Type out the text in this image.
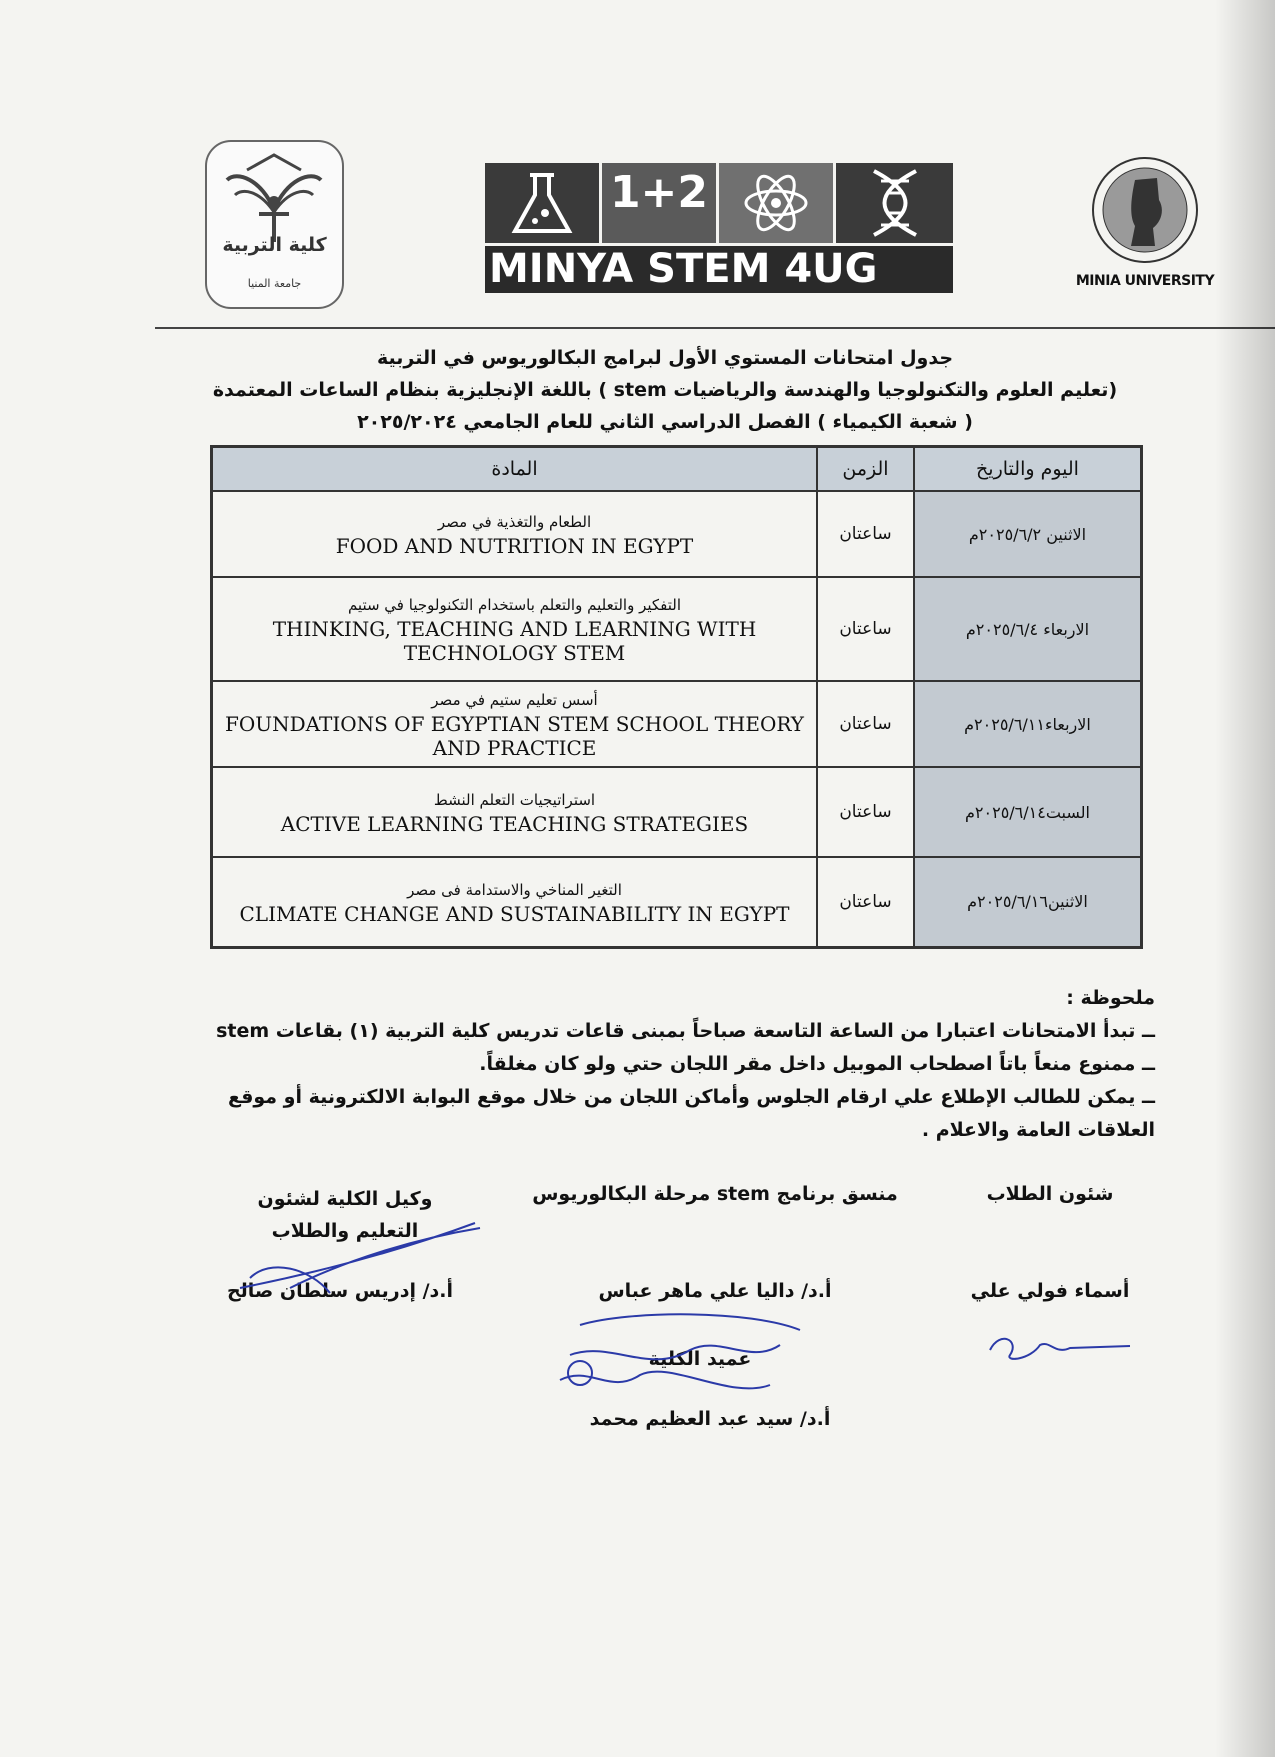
كلية التربية
جامعة المنيا
1+2
MINYA STEM 4UG	MINIA UNIVERSITY
جدول امتحانات المستوي الأول لبرامج البكالوريوس في التربية
(تعليم العلوم والتكنولوجيا والهندسة والرياضيات stem ) باللغة الإنجليزية بنظام الساعات المعتمدة
( شعبة الكيمياء ) الفصل الدراسي الثاني للعام الجامعي ٢٠٢٥/٢٠٢٤
المادة	الزمن	اليوم والتاريخ

الطعام والتغذية في مصر
FOOD AND NUTRITION IN EGYPT	ساعتان	الاثنين ٢٠٢٥/٦/٢م

التفكير والتعليم والتعلم باستخدام التكنولوجيا في ستيم
THINKING, TEACHING AND LEARNING WITH TECHNOLOGY STEM	ساعتان	الاربعاء ٢٠٢٥/٦/٤م

أسس تعليم ستيم في مصر
FOUNDATIONS OF EGYPTIAN STEM SCHOOL THEORY AND PRACTICE	ساعتان	الاربعاء٢٠٢٥/٦/١١م

استراتيجيات التعلم النشط
ACTIVE LEARNING TEACHING STRATEGIES	ساعتان	السبت٢٠٢٥/٦/١٤م

التغير المناخي والاستدامة فى مصر
CLIMATE CHANGE AND SUSTAINABILITY IN EGYPT	ساعتان	الاثنين٢٠٢٥/٦/١٦م

ملحوظة :

ــ تبدأ الامتحانات اعتبارا من الساعة التاسعة صباحاً بمبنى قاعات تدريس كلية التربية (١) بقاعات stem

ــ ممنوع منعاً باتاً اصطحاب الموبيل داخل مقر اللجان حتي ولو كان مغلقاً.

ــ يمكن للطالب الإطلاع علي ارقام الجلوس وأماكن اللجان من خلال موقع البوابة الالكترونية أو موقع العلاقات العامة والاعلام .

شئون الطلاب
أسماء فولي علي
منسق برنامج stem مرحلة البكالوريوس
أ.د/ داليا علي ماهر عباس
وكيل الكلية لشئون التعليم والطلاب
أ.د/ إدريس سلطان صالح
عميد الكلية
أ.د/ سيد عبد العظيم محمد
